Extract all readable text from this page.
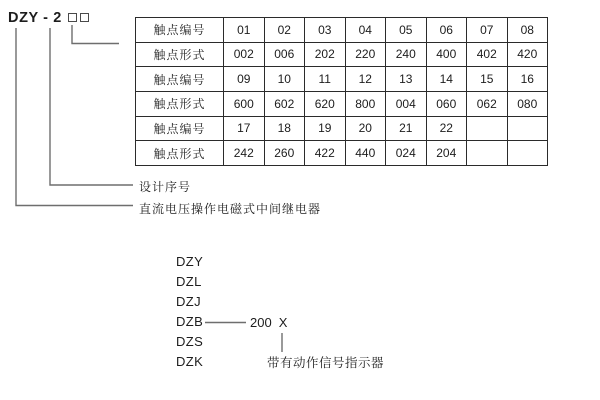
DZY - 2
触点编号	01	02	03	04	05	06	07	08
触点形式	002	006	202	220	240	400	402	420
触点编号	09	10	11	12	13	14	15	16
触点形式	600	602	620	800	004	060	062	080
触点编号	17	18	19	20	21	22		
触点形式	242	260	422	440	024	204		
设计序号
直流电压操作电磁式中间继电器
DZY
DZL
DZJ
DZB
DZS
DZK
200 X
带有动作信号指示器
